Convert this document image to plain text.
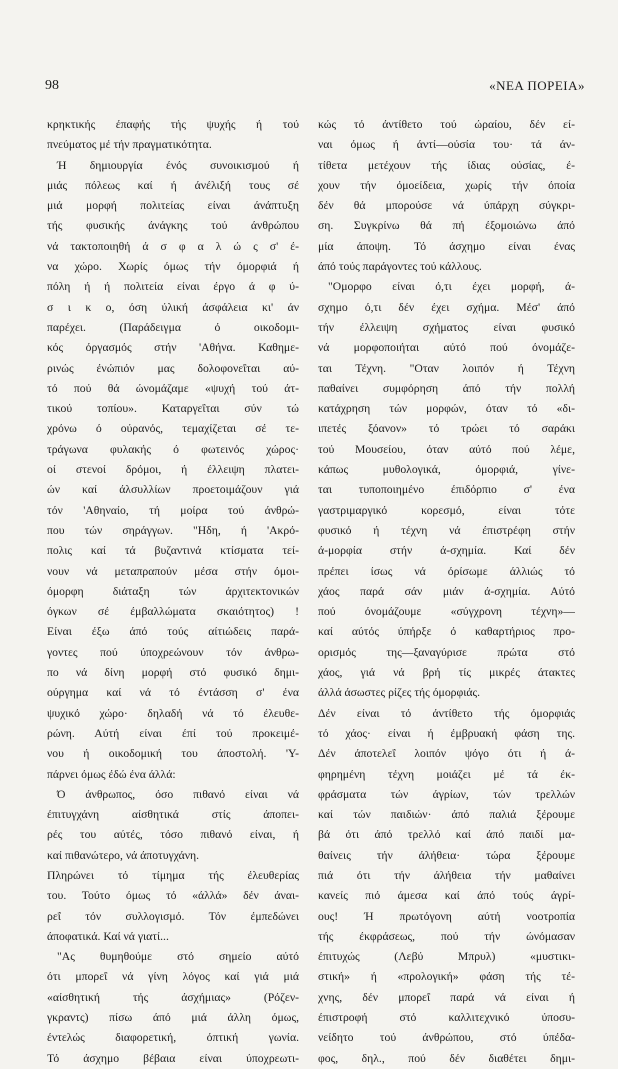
98	«ΝΕΑ ΠΟΡΕΙΑ»
κρηκτικής έπαφής τής ψυχής ή τού
πνεύματος μέ τήν πραγματικότητα.
Ή δημιουργία ένός συνοικισμού ή
μιάς πόλεως καί ή άνέλιξή τους σέ
μιά μορφή πολιτείας είναι άνάπτυξη
τής φυσικής άνάγκης τού άνθρώπου
νά τακτοποιηθή ά σ φ α λ ώ ς σ' έ-
να χώρο. Χωρίς όμως τήν όμορφιά ή
πόλη ή ή πολιτεία είναι έργο ά φ ύ-
σ ι κ ο, όση ύλική άσφάλεια κι' άν
παρέχει. (Παράδειγμα ό οικοδομι-
κός όργασμός στήν 'Αθήνα. Καθημε-
ρινώς ένώπιόν μας δολοφονεΐται αύ-
τό πού θά ώνομάζαμε «ψυχή τού άτ-
τικού τοπίου». Καταργεΐται σύν τώ
χρόνω ό ούρανός, τεμαχίζεται σέ τε-
τράγωνα φυλακής ό φωτεινός χώρος·
οί στενοί δρόμοι, ή έλλειψη πλατει-
ών καί άλσυλλίων προετοιμάζουν γιά
τόν 'Αθηναίο, τή μοίρα τού άνθρώ-
που τών σηράγγων. "Ηδη, ή 'Ακρό-
πολις καί τά βυζαντινά κτίσματα τεί-
νουν νά μεταπραπούν μέσα στήν όμοι-
όμορφη διάταξη τών άρχιτεκτονικών
όγκων σέ έμβαλλώματα σκαιότητος) !
Είναι έξω άπό τούς αίτιώδεις παρά-
γοντες πού ύποχρεώνουν τόν άνθρω-
πο νά δίνη μορφή στό φυσικό δημι-
ούργημα καί νά τό έντάσση σ' ένα
ψυχικό χώρο· δηλαδή νά τό έλευθε-
ρώνη. Αύτή είναι έπί τού προκειμέ-
νου ή οικοδομική του άποστολή. 'Υ-
πάρνει όμως έδώ ένα άλλά:
Ό άνθρωπος, όσο πιθανό είναι νά
έπιτυγχάνη αίσθητικά στίς άποπει-
ρές του αύτές, τόσο πιθανό είναι, ή
καί πιθανώτερο, νά άποτυγχάνη.
Πληρώνει τό τίμημα τής έλευθερίας
του. Τούτο όμως τό «άλλά» δέν άναι-
ρεΐ τόν συλλογισμό. Τόν έμπεδώνει
άποφατικά. Καί νά γιατί...
"Ας θυμηθούμε στό σημείο αύτό
ότι μπορεΐ νά γίνη λόγος καί γιά μιά
«αίσθητική τής άσχήμιας» (Ρόζεν-
γκραντς) πίσω άπό μιά άλλη όμως,
έντελώς διαφορετική, όπτική γωνία.
Τό άσχημο βέβαια είναι ύποχρεωτι-
κώς τό άντίθετο τού ώραίου, δέν εί-
ναι όμως ή άντί—ούσία του· τά άν-
τίθετα μετέχουν τής ίδιας ούσίας, έ-
χουν τήν όμοείδεια, χωρίς τήν όποία
δέν θά μπορούσε νά ύπάρχη σύγκρι-
ση. Συγκρίνω θά πή έξομοιώνω άπό
μία άποψη. Τό άσχημο είναι ένας
άπό τούς παράγοντες τού κάλλους.
"Ομορφο είναι ό,τι έχει μορφή, ά-
σχημο ό,τι δέν έχει σχήμα. Μέσ' άπό
τήν έλλειψη σχήματος είναι φυσικό
νά μορφοποιήται αύτό πού όνομάζε-
ται Τέχνη. "Οταν λοιπόν ή Τέχνη
παθαίνει συμφόρηση άπό τήν πολλή
κατάχρηση τών μορφών, όταν τό «δι-
ιπετές ξόανον» τό τρώει τό σαράκι
τού Μουσείου, όταν αύτό πού λέμε,
κάπως μυθολογικά, όμορφιά, γίνε-
ται τυποποιημένο έπιδόρπιο σ' ένα
γαστριμαργικό κορεσμό, είναι τότε
φυσικό ή τέχνη νά έπιστρέφη στήν
ά-μορφία στήν ά-σχημία. Καί δέν
πρέπει ίσως νά όρίσωμε άλλιώς τό
χάος παρά σάν μιάν ά-σχημία. Αύτό
πού όνομάζουμε «σύγχρονη τέχνη»—
καί αύτός ύπήρξε ό καθαρτήριος προ-
ορισμός της—ξαναγύρισε πρώτα στό
χάος, γιά νά βρή τίς μικρές άτακτες
άλλά άσωστες ρίζες τής όμορφιάς.
Δέν είναι τό άντίθετο τής όμορφιάς
τό χάος· είναι ή έμβρυακή φάση της.
Δέν άποτελεΐ λοιπόν ψόγο ότι ή ά-
φηρημένη τέχνη μοιάζει μέ τά έκ-
φράσματα τών άγρίων, τών τρελλών
καί τών παιδιών· άπό παλιά ξέρουμε
βά ότι άπό τρελλό καί άπό παιδί μα-
θαίνεις τήν άλήθεια· τώρα ξέρουμε
πιά ότι τήν άλήθεια τήν μαθαίνει
κανείς πιό άμεσα καί άπό τούς άγρί-
ους! Ή πρωτόγονη αύτή νοοτροπία
τής έκφράσεως, πού τήν ώνόμασαν
έπιτυχώς (Λεβύ Μπρυλ) «μυστικι-
στική» ή «προλογική» φάση τής τέ-
χνης, δέν μπορεΐ παρά νά είναι ή
έπιστροφή στό καλλιτεχνικό ύποσυ-
νείδητο τού άνθρώπου, στό ύπέδα-
φος, δηλ., πού δέν διαθέτει δημι-
